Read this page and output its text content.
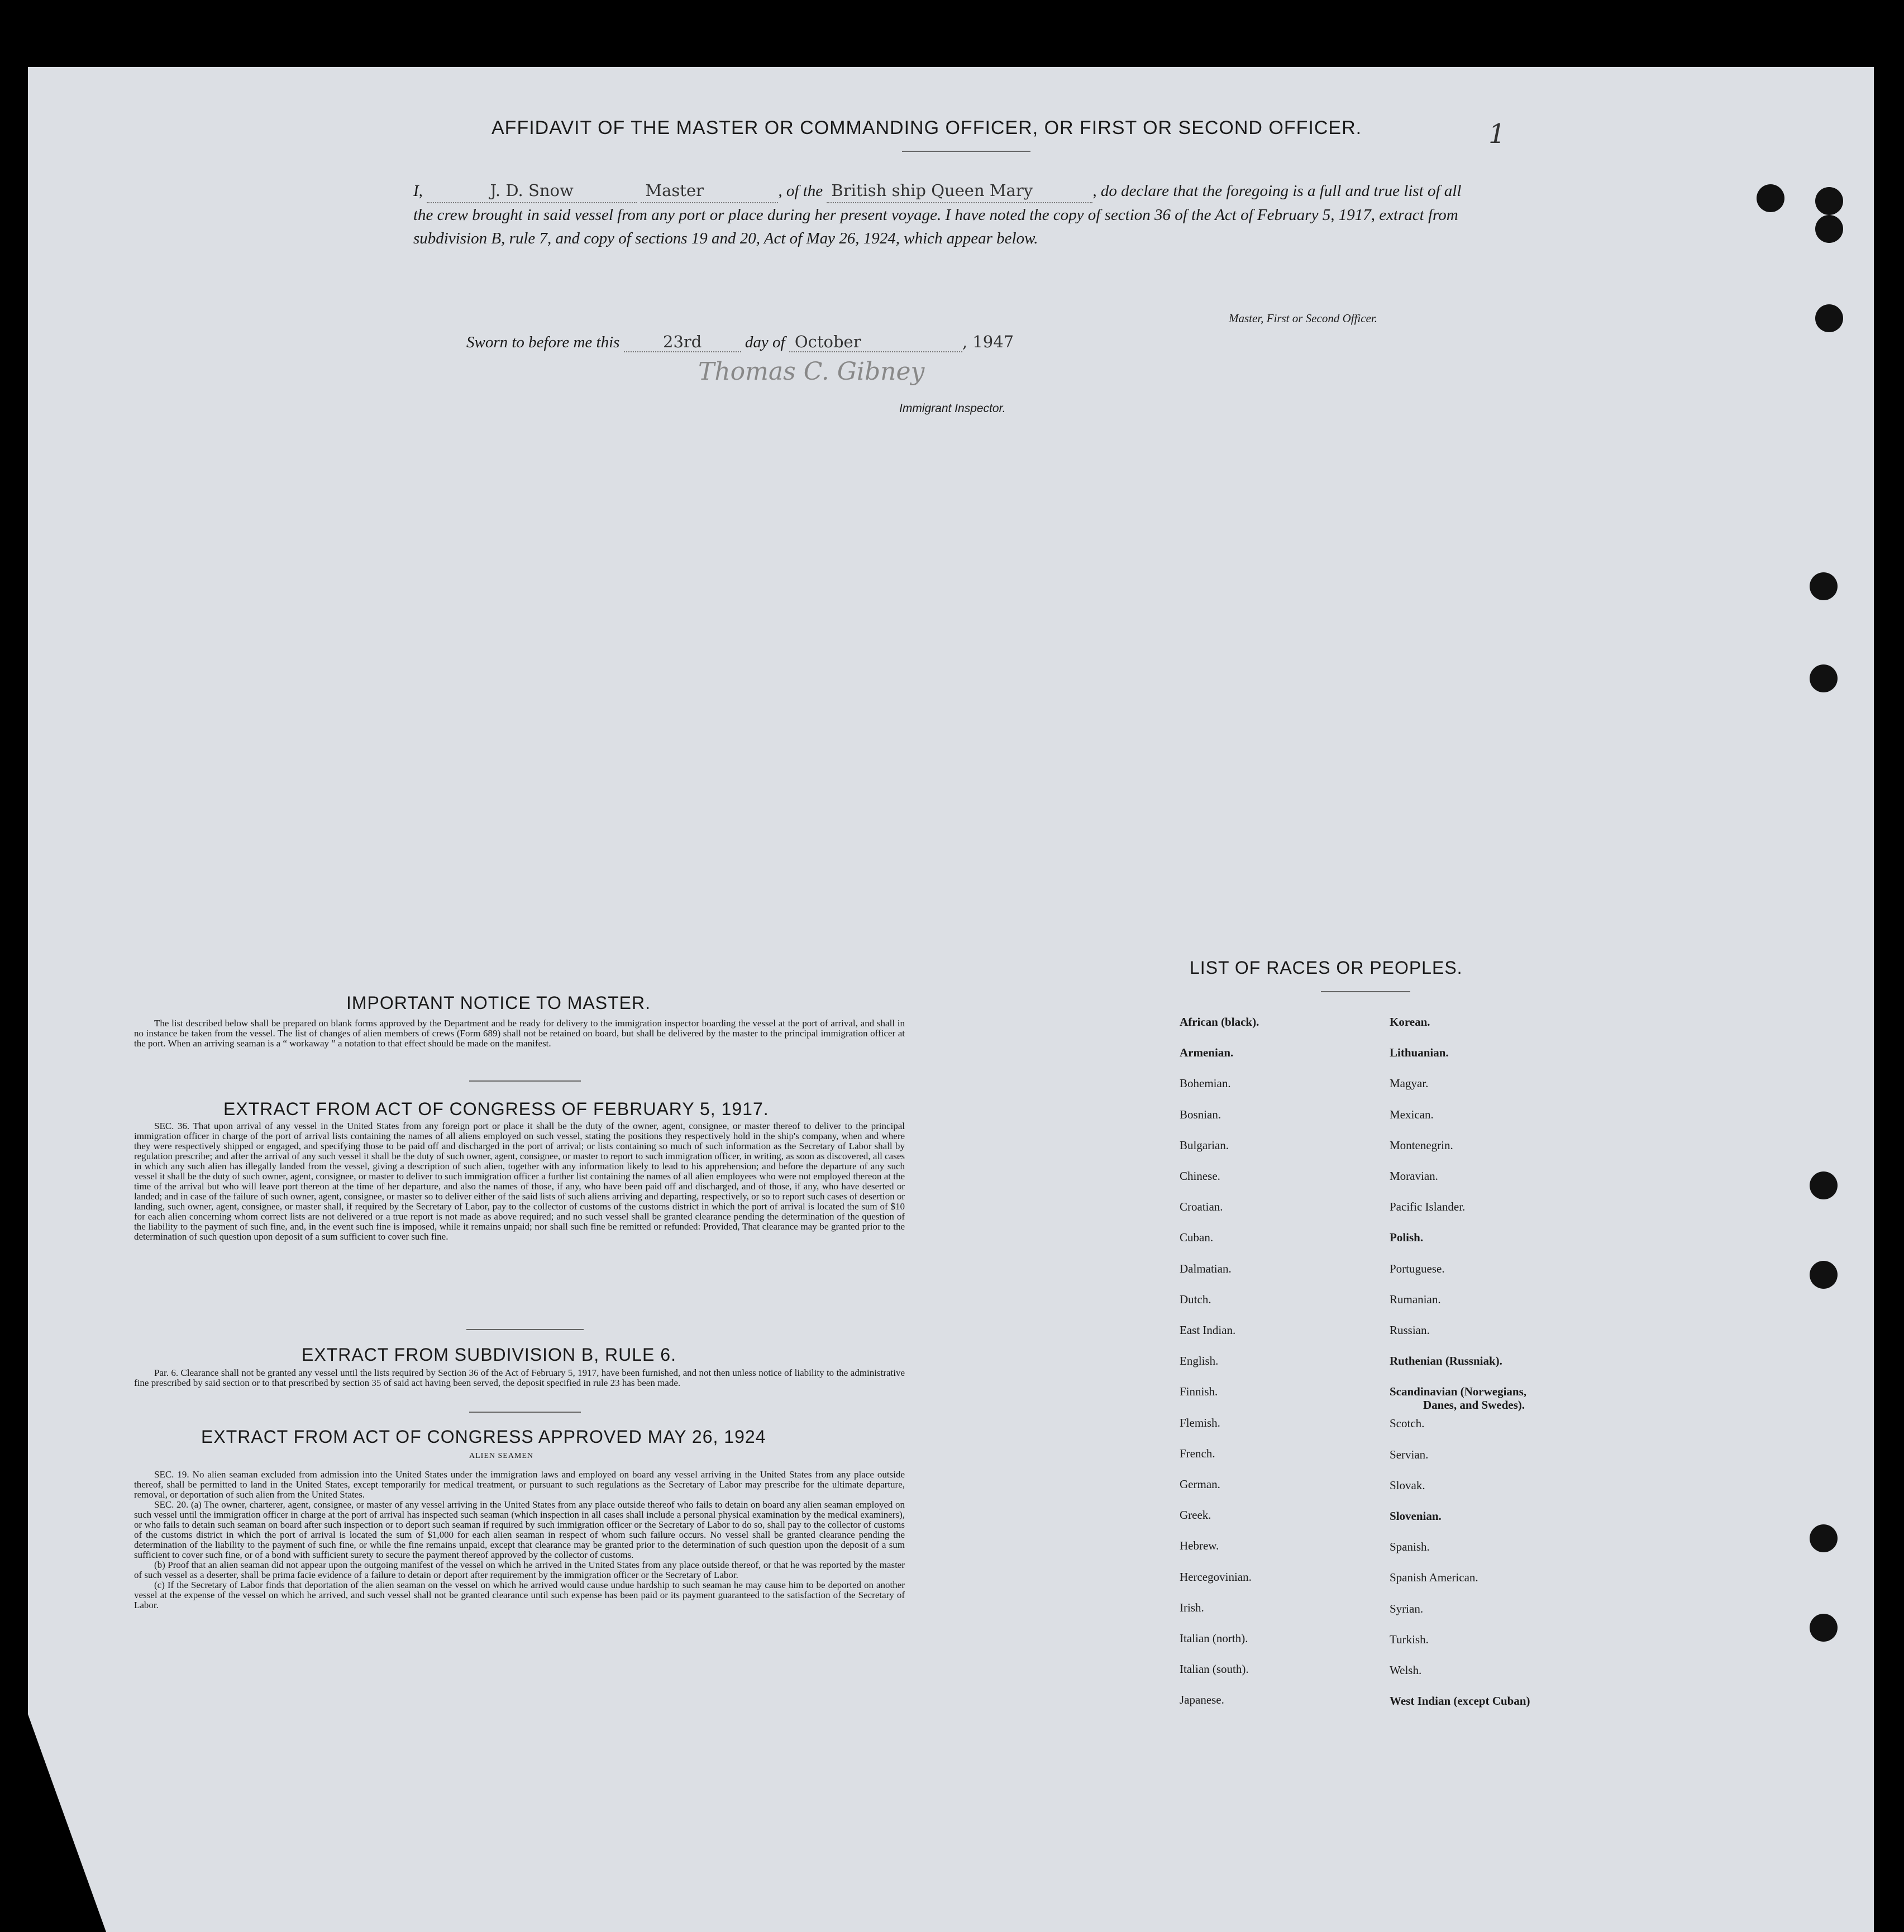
AFFIDAVIT OF THE MASTER OR COMMANDING OFFICER, OR FIRST OR SECOND OFFICER.	1
I,	J. D. Snow	Master	, of the British ship Queen Mary	, do declare that the foregoing is a full and true list of all the crew brought in said vessel from any port or place during her present voyage. I have noted the copy of section 36 of the Act of February 5, 1917, extract from subdivision B, rule 7, and copy of sections 19 and 20, Act of May 26, 1924, which appear below.
Master, First or Second Officer.
Sworn to before me this	23rd	day of October	, 1947
Thomas C. Gibney
Immigrant Inspector.
IMPORTANT NOTICE TO MASTER.

The list described below shall be prepared on blank forms approved by the Department and be ready for delivery to the immigration inspector boarding the vessel at the port of arrival, and shall in no instance be taken from the vessel. The list of changes of alien members of crews (Form 689) shall not be retained on board, but shall be delivered by the master to the principal immigration officer at the port. When an arriving seaman is a “ workaway ” a notation to that effect should be made on the manifest.

EXTRACT FROM ACT OF CONGRESS OF FEBRUARY 5, 1917.

SEC. 36. That upon arrival of any vessel in the United States from any foreign port or place it shall be the duty of the owner, agent, consignee, or master thereof to deliver to the principal immigration officer in charge of the port of arrival lists containing the names of all aliens employed on such vessel, stating the positions they respectively hold in the ship's company, when and where they were respectively shipped or engaged, and specifying those to be paid off and discharged in the port of arrival; or lists containing so much of such information as the Secretary of Labor shall by regulation prescribe; and after the arrival of any such vessel it shall be the duty of such owner, agent, consignee, or master to report to such immigration officer, in writing, as soon as discovered, all cases in which any such alien has illegally landed from the vessel, giving a description of such alien, together with any information likely to lead to his apprehension; and before the departure of any such vessel it shall be the duty of such owner, agent, consignee, or master to deliver to such immigration officer a further list containing the names of all alien employees who were not employed thereon at the time of the arrival but who will leave port thereon at the time of her departure, and also the names of those, if any, who have been paid off and discharged, and of those, if any, who have deserted or landed; and in case of the failure of such owner, agent, consignee, or master so to deliver either of the said lists of such aliens arriving and departing, respectively, or so to report such cases of desertion or landing, such owner, agent, consignee, or master shall, if required by the Secretary of Labor, pay to the collector of customs of the customs district in which the port of arrival is located the sum of $10 for each alien concerning whom correct lists are not delivered or a true report is not made as above required; and no such vessel shall be granted clearance pending the determination of the question of the liability to the payment of such fine, and, in the event such fine is imposed, while it remains unpaid; nor shall such fine be remitted or refunded: Provided, That clearance may be granted prior to the determination of such question upon deposit of a sum sufficient to cover such fine.

EXTRACT FROM SUBDIVISION B, RULE 6.

Par. 6. Clearance shall not be granted any vessel until the lists required by Section 36 of the Act of February 5, 1917, have been furnished, and not then unless notice of liability to the administrative fine prescribed by said section or to that prescribed by section 35 of said act having been served, the deposit specified in rule 23 has been made.

EXTRACT FROM ACT OF CONGRESS APPROVED MAY 26, 1924
ALIEN SEAMEN

SEC. 19. No alien seaman excluded from admission into the United States under the immigration laws and employed on board any vessel arriving in the United States from any place outside thereof, shall be permitted to land in the United States, except temporarily for medical treatment, or pursuant to such regulations as the Secretary of Labor may prescribe for the ultimate departure, removal, or deportation of such alien from the United States.

SEC. 20. (a) The owner, charterer, agent, consignee, or master of any vessel arriving in the United States from any place outside thereof who fails to detain on board any alien seaman employed on such vessel until the immigration officer in charge at the port of arrival has inspected such seaman (which inspection in all cases shall include a personal physical examination by the medical examiners), or who fails to detain such seaman on board after such inspection or to deport such seaman if required by such immigration officer or the Secretary of Labor to do so, shall pay to the collector of customs of the customs district in which the port of arrival is located the sum of $1,000 for each alien seaman in respect of whom such failure occurs. No vessel shall be granted clearance pending the determination of the liability to the payment of such fine, or while the fine remains unpaid, except that clearance may be granted prior to the determination of such question upon the deposit of a sum sufficient to cover such fine, or of a bond with sufficient surety to secure the payment thereof approved by the collector of customs.

(b) Proof that an alien seaman did not appear upon the outgoing manifest of the vessel on which he arrived in the United States from any place outside thereof, or that he was reported by the master of such vessel as a deserter, shall be prima facie evidence of a failure to detain or deport after requirement by the immigration officer or the Secretary of Labor.

(c) If the Secretary of Labor finds that deportation of the alien seaman on the vessel on which he arrived would cause undue hardship to such seaman he may cause him to be deported on another vessel at the expense of the vessel on which he arrived, and such vessel shall not be granted clearance until such expense has been paid or its payment guaranteed to the satisfaction of the Secretary of Labor.

LIST OF RACES OR PEOPLES.
African (black).
Armenian.
Bohemian.
Bosnian.
Bulgarian.
Chinese.
Croatian.
Cuban.
Dalmatian.
Dutch.
East Indian.
English.
Finnish.
Flemish.
French.
German.
Greek.
Hebrew.
Hercegovinian.
Irish.
Italian (north).
Italian (south).
Japanese.
Korean.
Lithuanian.
Magyar.
Mexican.
Montenegrin.
Moravian.
Pacific Islander.
Polish.
Portuguese.
Rumanian.
Russian.
Ruthenian (Russniak).
Scandinavian (Norwegians,
Danes, and Swedes).
Scotch.
Servian.
Slovak.
Slovenian.
Spanish.
Spanish American.
Syrian.
Turkish.
Welsh.
West Indian (except Cuban)
